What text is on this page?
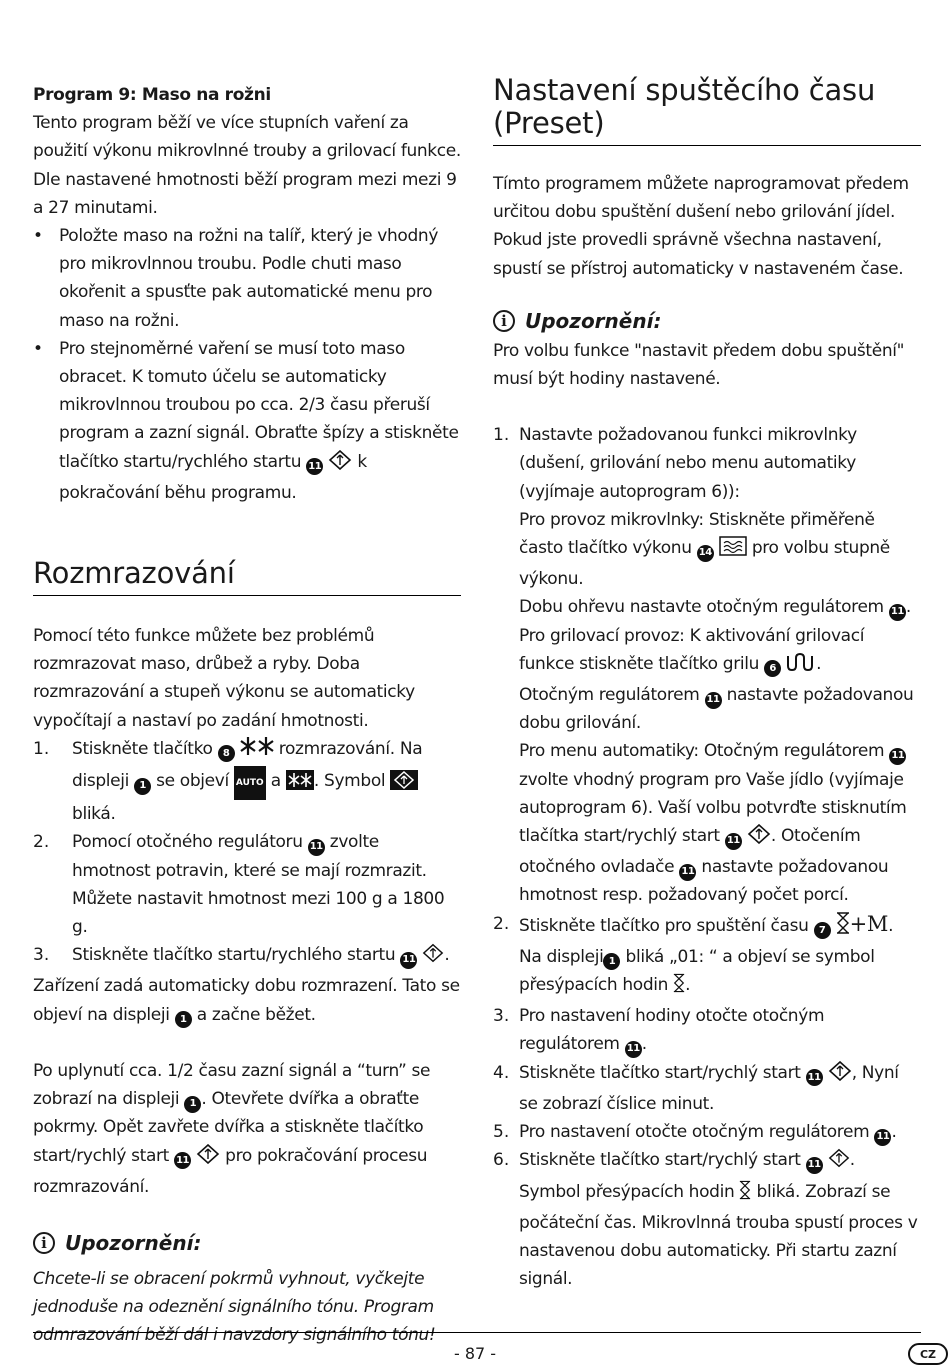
Program 9: Maso na rožni

Tento program běží ve více stupních vaření za použití výkonu mikrovlnné trouby a grilovací funkce. Dle nastavené hmotnosti běží program mezi mezi 9 a 27 minutami.

• Položte maso na rožni na talíř, který je vhodný pro mikrovlnnou troubu. Podle chuti maso okořenit a spusťte pak automatické menu pro maso na rožni.

• Pro stejnoměrné vaření se musí toto maso obracet. K tomuto účelu se automaticky mikrovlnnou troubou po cca. 2/3 času přeruší program a zazní signál. Obraťte špízy a stiskněte tlačítko startu/rychlého startu 11 k pokračování běhu programu.

Rozmrazování

Pomocí této funkce můžete bez problémů rozmrazovat maso, drůbež a ryby. Doba rozmrazování a stupeň výkonu se automaticky vypočítají a nastaví po zadání hmotnosti.

1.	Stiskněte tlačítko 8	rozmrazování. Na displeji 1 se objeví AUTO a . Symbol
bliká.

2.	Pomocí otočného regulátoru 11 zvolte hmotnost potravin, které se mají rozmrazit. Můžete nastavit hmotnost mezi 100 g a 1800 g.

3.	Stiskněte tlačítko startu/rychlého startu 11 .

Zařízení zadá automaticky dobu rozmrazení. Tato se objeví na displeji 1 a začne běžet.

Po uplynutí cca. 1/2 času zazní signál a “turn” se zobrazí na displeji 1 . Otevřete dvířka a obraťte pokrmy. Opět zavřete dvířka a stiskněte tlačítko start/rychlý start 11 pro pokračování procesu rozmrazování.

i Upozornění:

Chcete-li se obracení pokrmů vyhnout, vyčkejte jednoduše na odeznění signálního tónu. Program odmrazování běží dál i navzdory signálního tónu!

Nastavení spuštěcího času (Preset)

Tímto programem můžete naprogramovat předem určitou dobu spuštění dušení nebo grilování jídel. Pokud jste provedli správně všechna nastavení, spustí se přístroj automaticky v nastaveném čase.

i Upozornění:

Pro volbu funkce "nastavit předem dobu spuštění" musí být hodiny nastavené.

1. Nastavte požadovanou funkci mikrovlnky (dušení, grilování nebo menu automatiky (vyjímaje autoprogram 6)):

Pro provoz mikrovlnky: Stiskněte přiměřeně často tlačítko výkonu 14 pro volbu stupně výkonu.

Dobu ohřevu nastavte otočným regulátorem 11 .

Pro grilovací provoz: K aktivování grilovací funkce stiskněte tlačítko grilu 6 .

Otočným regulátorem 11 nastavte požadovanou dobu grilování.

Pro menu automatiky: Otočným regulátorem 11 zvolte vhodný program pro Vaše jídlo (vyjímaje autoprogram 6). Vaší volbu potvrďte stisknutím tlačítka start/rychlý start 11 . Otočením otočného ovladače 11 nastavte požadovanou hmotnost resp. požadovaný počet porcí.

2. Stiskněte tlačítko pro spuštění času 7 +M.

Na displeji 1 bliká „01: “ a objeví se symbol přesýpacích hodin .

3. Pro nastavení hodiny otočte otočným regulátorem 11 .

4. Stiskněte tlačítko start/rychlý start 11 , Nyní se zobrazí číslice minut.

5. Pro nastavení otočte otočným regulátorem 11 .

6. Stiskněte tlačítko start/rychlý start 11 .

Symbol přesýpacích hodin bliká. Zobrazí se počáteční čas. Mikrovlnná trouba spustí proces v nastavenou dobu automaticky. Při startu zazní signál.

- 87 -	CZ
